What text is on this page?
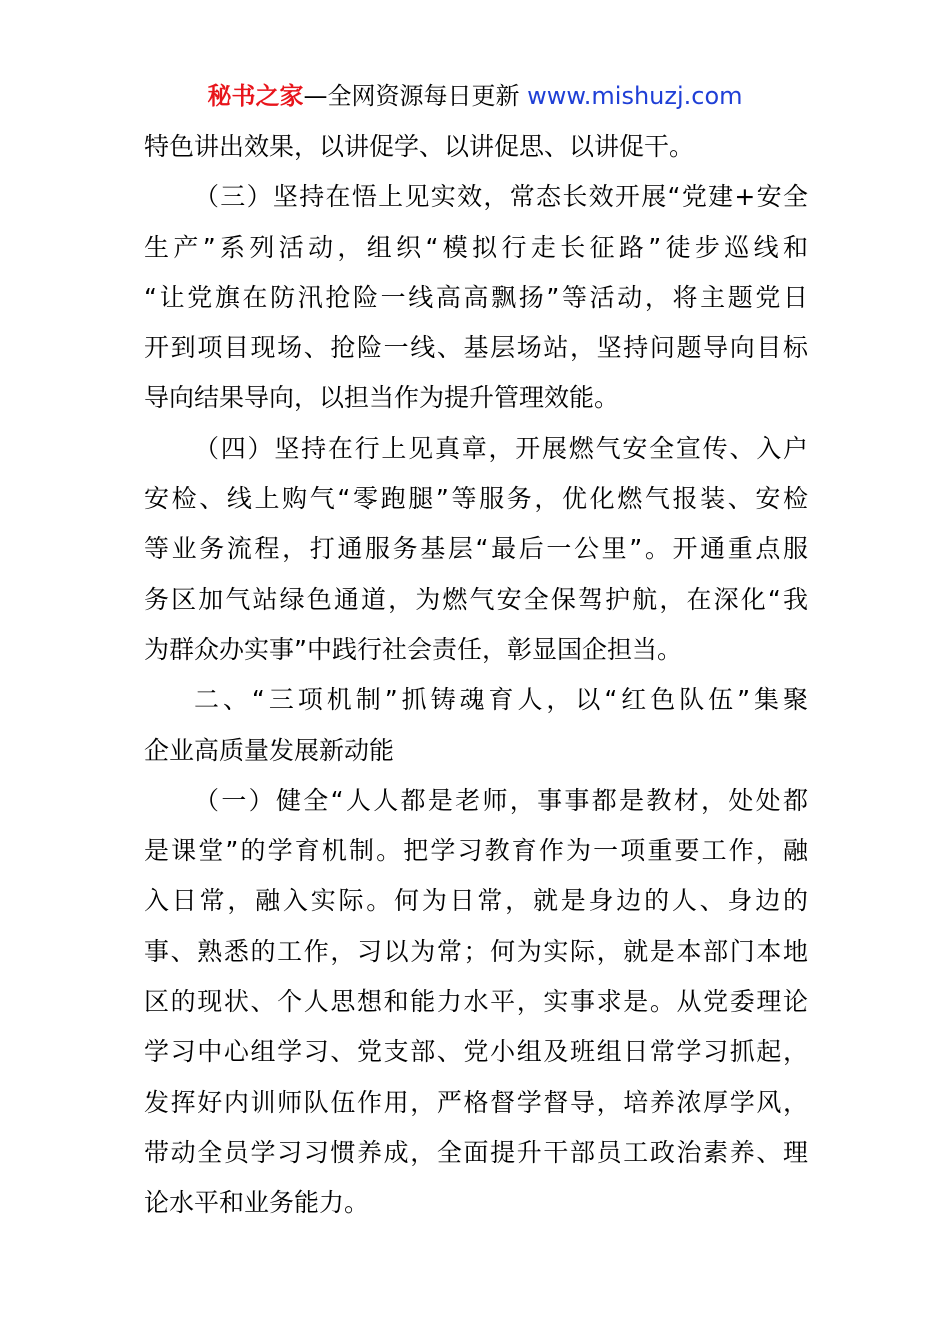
秘书之家—全网资源每日更新 www.mishuzj.com
特色讲出效果，以讲促学、以讲促思、以讲促干。
（三）坚持在悟上见实效，常态长效开展“党建+安全
生产”系列活动，组织“模拟行走长征路”徒步巡线和
“让党旗在防汛抢险一线高高飘扬”等活动，将主题党日
开到项目现场、抢险一线、基层场站，坚持问题导向目标
导向结果导向，以担当作为提升管理效能。
（四）坚持在行上见真章，开展燃气安全宣传、入户
安检、线上购气“零跑腿”等服务，优化燃气报装、安检
等业务流程，打通服务基层“最后一公里”。开通重点服
务区加气站绿色通道，为燃气安全保驾护航，在深化“我
为群众办实事”中践行社会责任，彰显国企担当。
二、“三项机制”抓铸魂育人，以“红色队伍”集聚
企业高质量发展新动能
（一）健全“人人都是老师，事事都是教材，处处都
是课堂”的学育机制。把学习教育作为一项重要工作，融
入日常，融入实际。何为日常，就是身边的人、身边的
事、熟悉的工作，习以为常；何为实际，就是本部门本地
区的现状、个人思想和能力水平，实事求是。从党委理论
学习中心组学习、党支部、党小组及班组日常学习抓起，
发挥好内训师队伍作用，严格督学督导，培养浓厚学风，
带动全员学习习惯养成，全面提升干部员工政治素养、理
论水平和业务能力。
